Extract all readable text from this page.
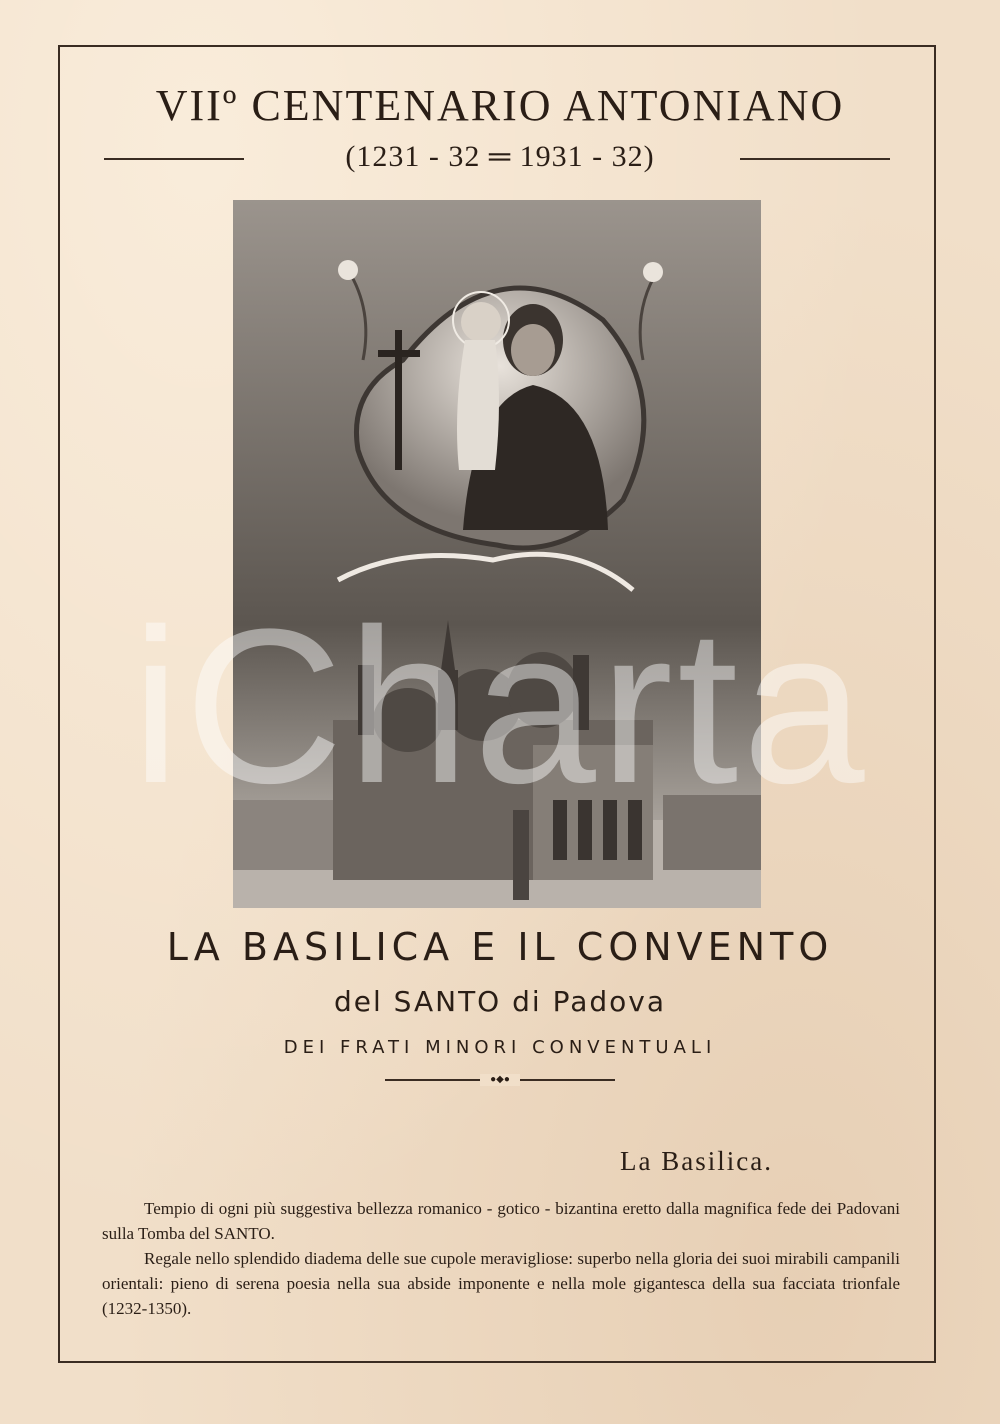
VIIº CENTENARIO ANTONIANO
(1231 - 32 ═ 1931 - 32)
iCharta
LA BASILICA E IL CONVENTO
del SANTO di Padova
DEI FRATI MINORI CONVENTUALI
●◆●
La Basilica.

Tempio di ogni più suggestiva bellezza romanico - gotico - bizantina eretto dalla magnifica fede dei Padovani sulla Tomba del SANTO.

Regale nello splendido diadema delle sue cupole meravigliose: superbo nella gloria dei suoi mirabili campanili orientali: pieno di serena poesia nella sua abside imponente e nella mole gigantesca della sua facciata trionfale (1232-1350).
